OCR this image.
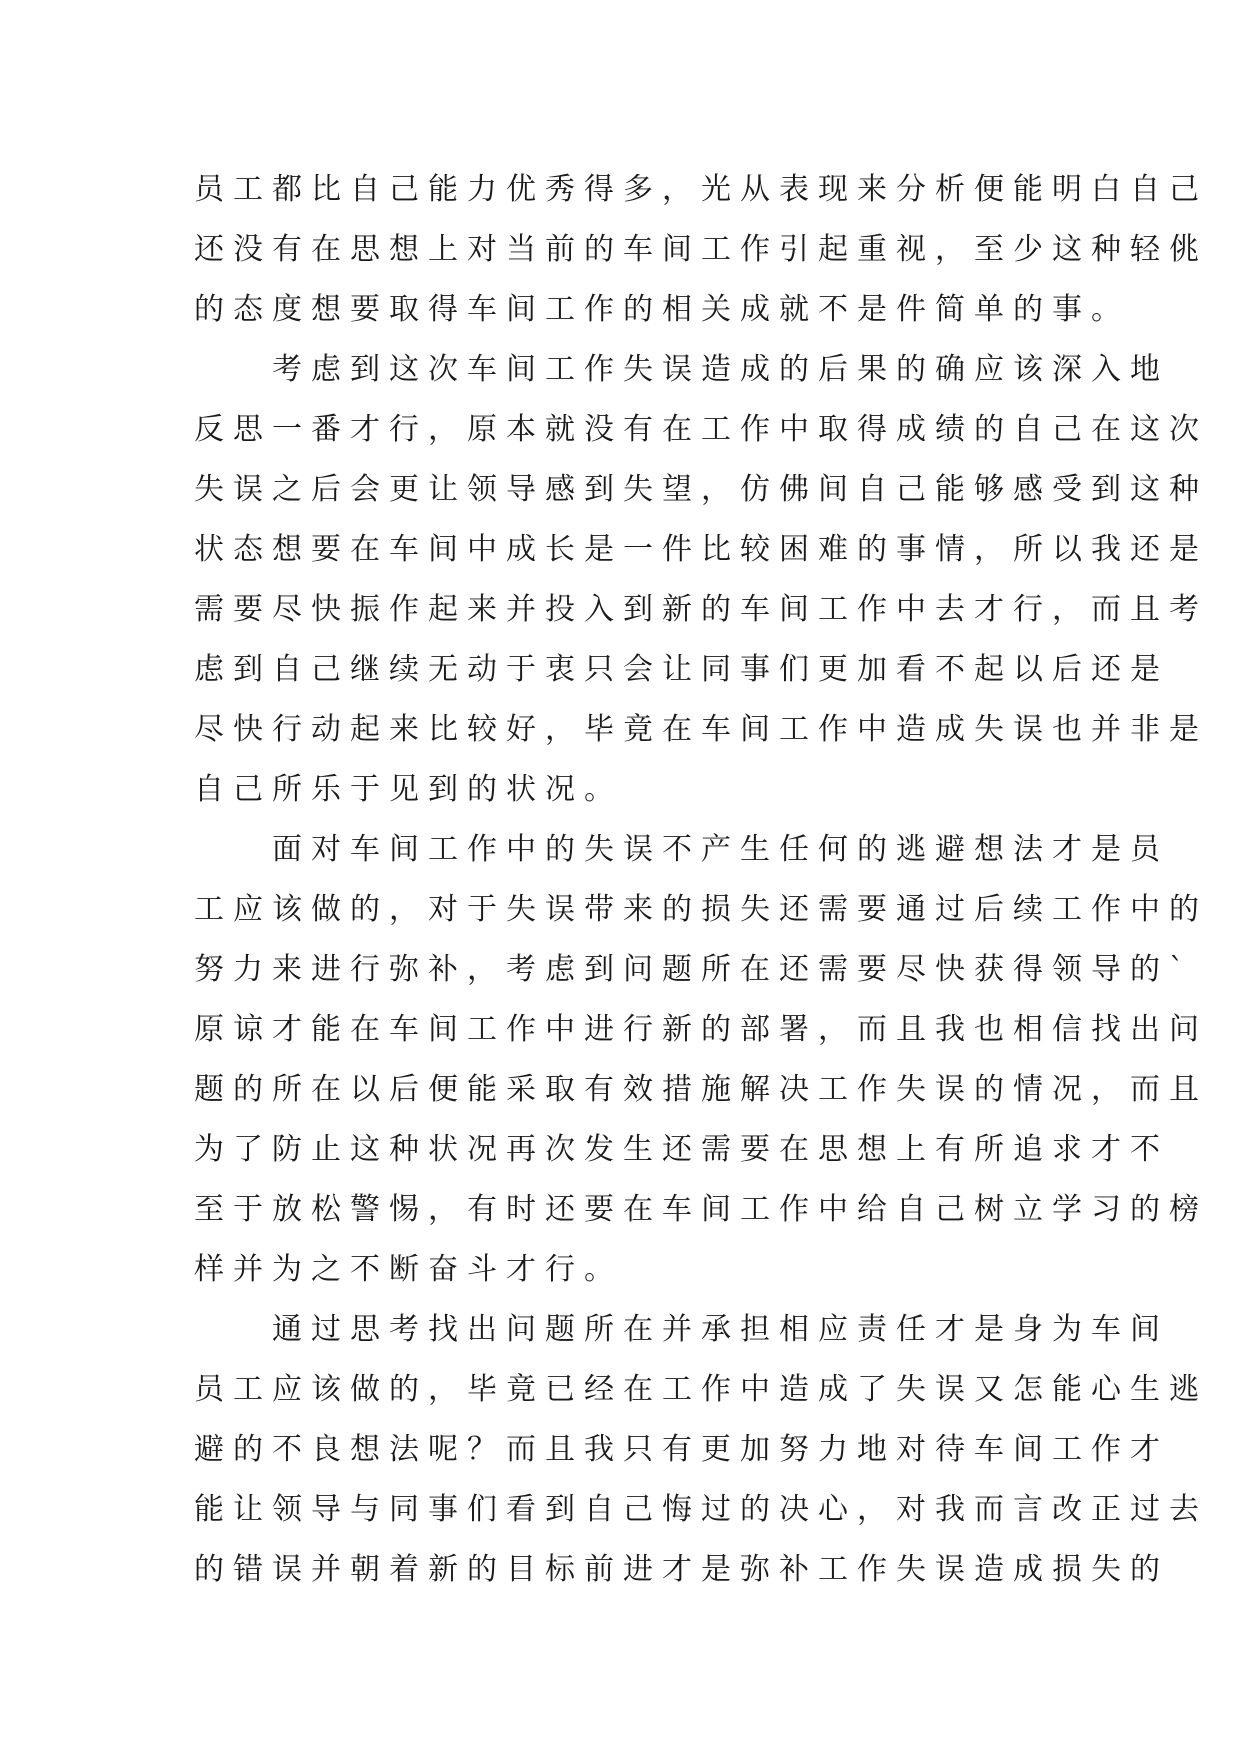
员工都比自己能力优秀得多，光从表现来分析便能明白自己
还没有在思想上对当前的车间工作引起重视，至少这种轻佻
的态度想要取得车间工作的相关成就不是件简单的事。
考虑到这次车间工作失误造成的后果的确应该深入地
反思一番才行，原本就没有在工作中取得成绩的自己在这次
失误之后会更让领导感到失望，仿佛间自己能够感受到这种
状态想要在车间中成长是一件比较困难的事情，所以我还是
需要尽快振作起来并投入到新的车间工作中去才行，而且考
虑到自己继续无动于衷只会让同事们更加看不起以后还是
尽快行动起来比较好，毕竟在车间工作中造成失误也并非是
自己所乐于见到的状况。
面对车间工作中的失误不产生任何的逃避想法才是员
工应该做的，对于失误带来的损失还需要通过后续工作中的
努力来进行弥补，考虑到问题所在还需要尽快获得领导的`
原谅才能在车间工作中进行新的部署，而且我也相信找出问
题的所在以后便能采取有效措施解决工作失误的情况，而且
为了防止这种状况再次发生还需要在思想上有所追求才不
至于放松警惕，有时还要在车间工作中给自己树立学习的榜
样并为之不断奋斗才行。
通过思考找出问题所在并承担相应责任才是身为车间
员工应该做的，毕竟已经在工作中造成了失误又怎能心生逃
避的不良想法呢？而且我只有更加努力地对待车间工作才
能让领导与同事们看到自己悔过的决心，对我而言改正过去
的错误并朝着新的目标前进才是弥补工作失误造成损失的
